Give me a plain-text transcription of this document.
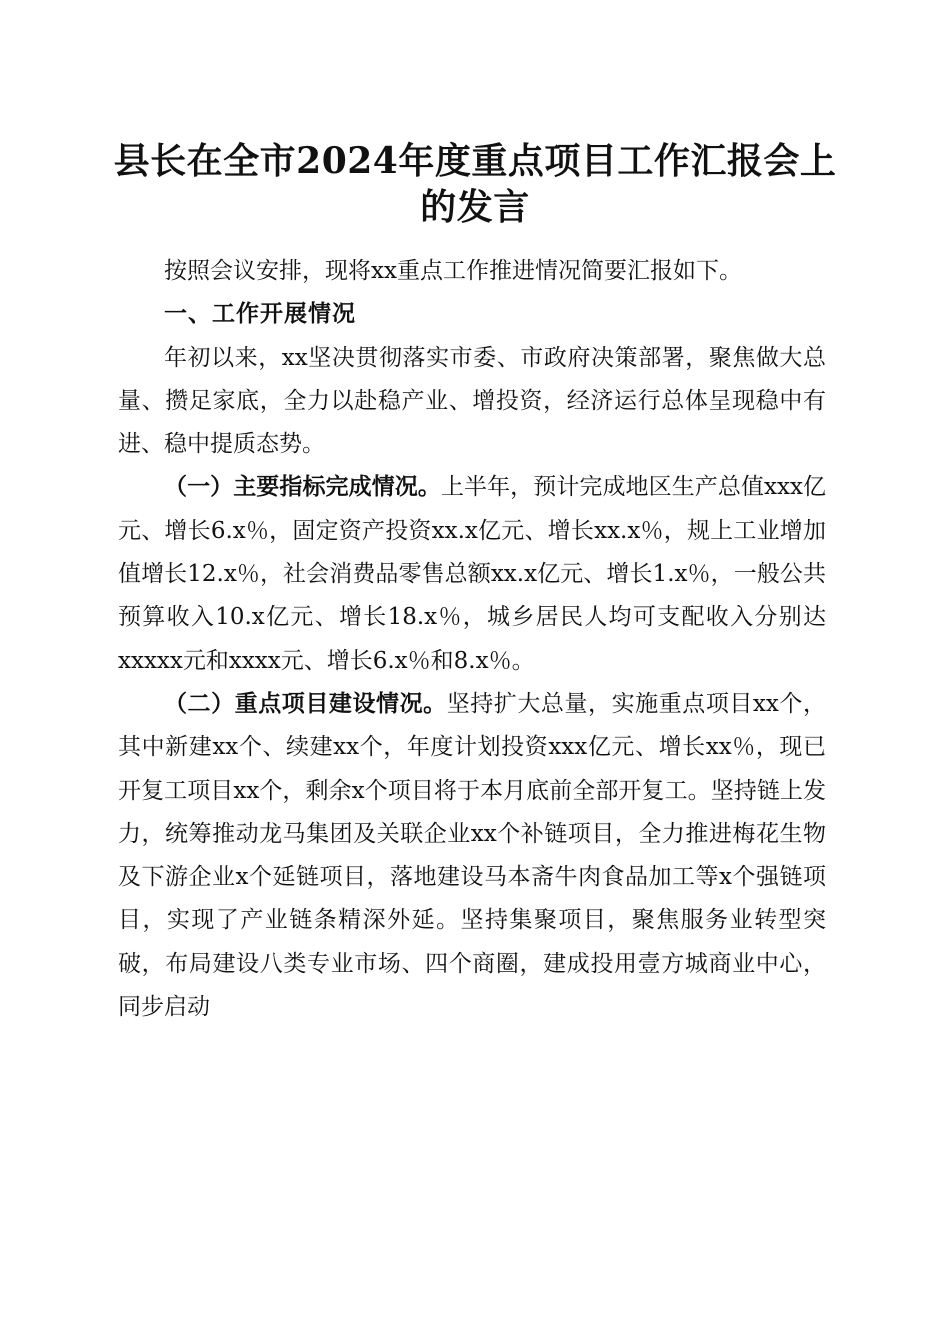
县长在全市2024年度重点项目工作汇报会上的发言

按照会议安排，现将xx重点工作推进情况简要汇报如下。

一、工作开展情况

年初以来，xx坚决贯彻落实市委、市政府决策部署，聚焦做大总量、攒足家底，全力以赴稳产业、增投资，经济运行总体呈现稳中有进、稳中提质态势。

（一）主要指标完成情况。上半年，预计完成地区生产总值xxx亿元、增长6.x％，固定资产投资xx.x亿元、增长xx.x％，规上工业增加值增长12.x％，社会消费品零售总额xx.x亿元、增长1.x％，一般公共预算收入10.x亿元、增长18.x％，城乡居民人均可支配收入分别达xxxxx元和xxxx元、增长6.x％和8.x％。

（二）重点项目建设情况。坚持扩大总量，实施重点项目xx个，其中新建xx个、续建xx个，年度计划投资xxx亿元、增长xx％，现已开复工项目xx个，剩余x个项目将于本月底前全部开复工。坚持链上发力，统筹推动龙马集团及关联企业xx个补链项目，全力推进梅花生物及下游企业x个延链项目，落地建设马本斋牛肉食品加工等x个强链项目，实现了产业链条精深外延。坚持集聚项目，聚焦服务业转型突破，布局建设八类专业市场、四个商圈，建成投用壹方城商业中心，同步启动
